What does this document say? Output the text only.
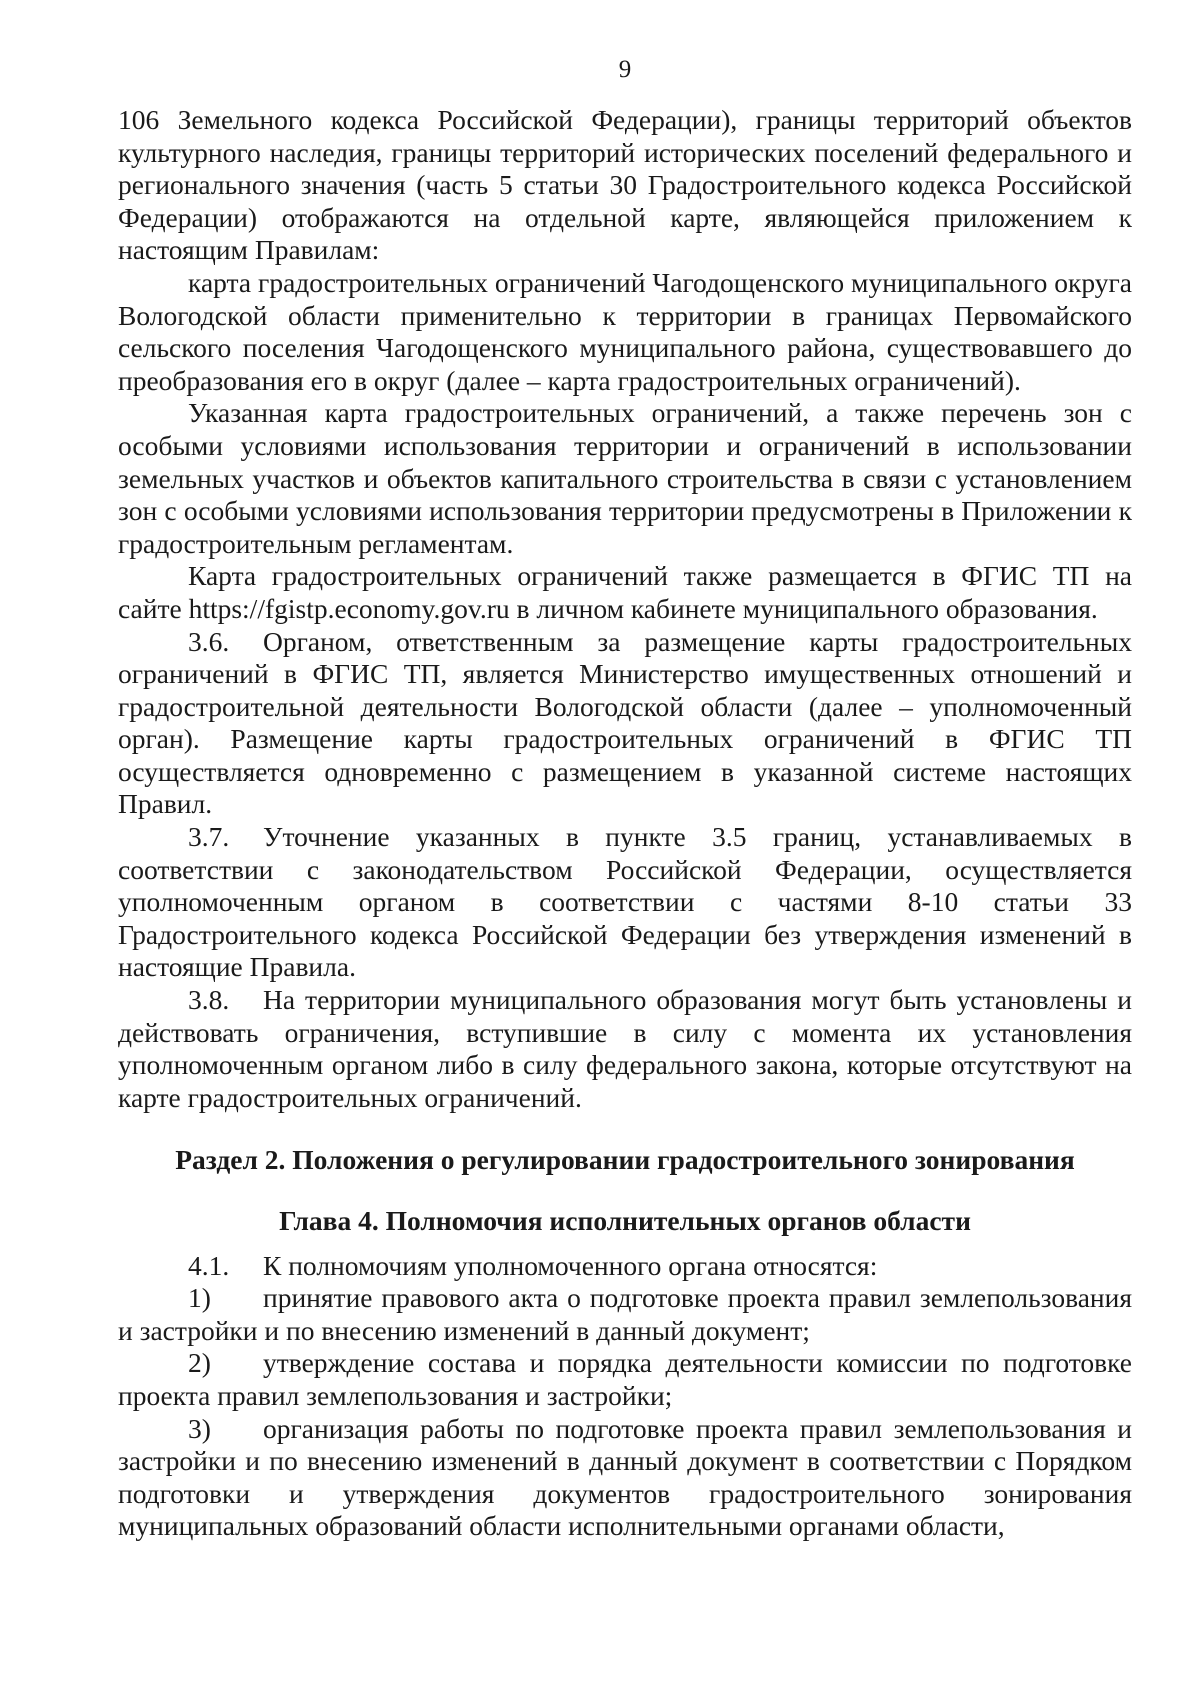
9

106 Земельного кодекса Российской Федерации), границы территорий объектов культурного наследия, границы территорий исторических поселений федерального и регионального значения (часть 5 статьи 30 Градостроительного кодекса Российской Федерации) отображаются на отдельной карте, являющейся приложением к настоящим Правилам:

карта градостроительных ограничений Чагодощенского муниципального округа Вологодской области применительно к территории в границах Первомайского сельского поселения Чагодощенского муниципального района, существовавшего до преобразования его в округ (далее – карта градостроительных ограничений).

Указанная карта градостроительных ограничений, а также перечень зон с особыми условиями использования территории и ограничений в использовании земельных участков и объектов капитального строительства в связи с установлением зон с особыми условиями использования территории предусмотрены в Приложении к градостроительным регламентам.

Карта градостроительных ограничений также размещается в ФГИС ТП на сайте https://fgistp.economy.gov.ru в личном кабинете муниципального образования.

3.6. Органом, ответственным за размещение карты градостроительных ограничений в ФГИС ТП, является Министерство имущественных отношений и градостроительной деятельности Вологодской области (далее – уполномоченный орган). Размещение карты градостроительных ограничений в ФГИС ТП осуществляется одновременно с размещением в указанной системе настоящих Правил.

3.7. Уточнение указанных в пункте 3.5 границ, устанавливаемых в соответствии с законодательством Российской Федерации, осуществляется уполномоченным органом в соответствии с частями 8-10 статьи 33 Градостроительного кодекса Российской Федерации без утверждения изменений в настоящие Правила.

3.8. На территории муниципального образования могут быть установлены и действовать ограничения, вступившие в силу с момента их установления уполномоченным органом либо в силу федерального закона, которые отсутствуют на карте градостроительных ограничений.

Раздел 2. Положения о регулировании градостроительного зонирования
Глава 4. Полномочия исполнительных органов области

4.1. К полномочиям уполномоченного органа относятся:

1) принятие правового акта о подготовке проекта правил землепользования и застройки и по внесению изменений в данный документ;

2) утверждение состава и порядка деятельности комиссии по подготовке проекта правил землепользования и застройки;

3) организация работы по подготовке проекта правил землепользования и застройки и по внесению изменений в данный документ в соответствии с Порядком подготовки и утверждения документов градостроительного зонирования муниципальных образований области исполнительными органами области,
